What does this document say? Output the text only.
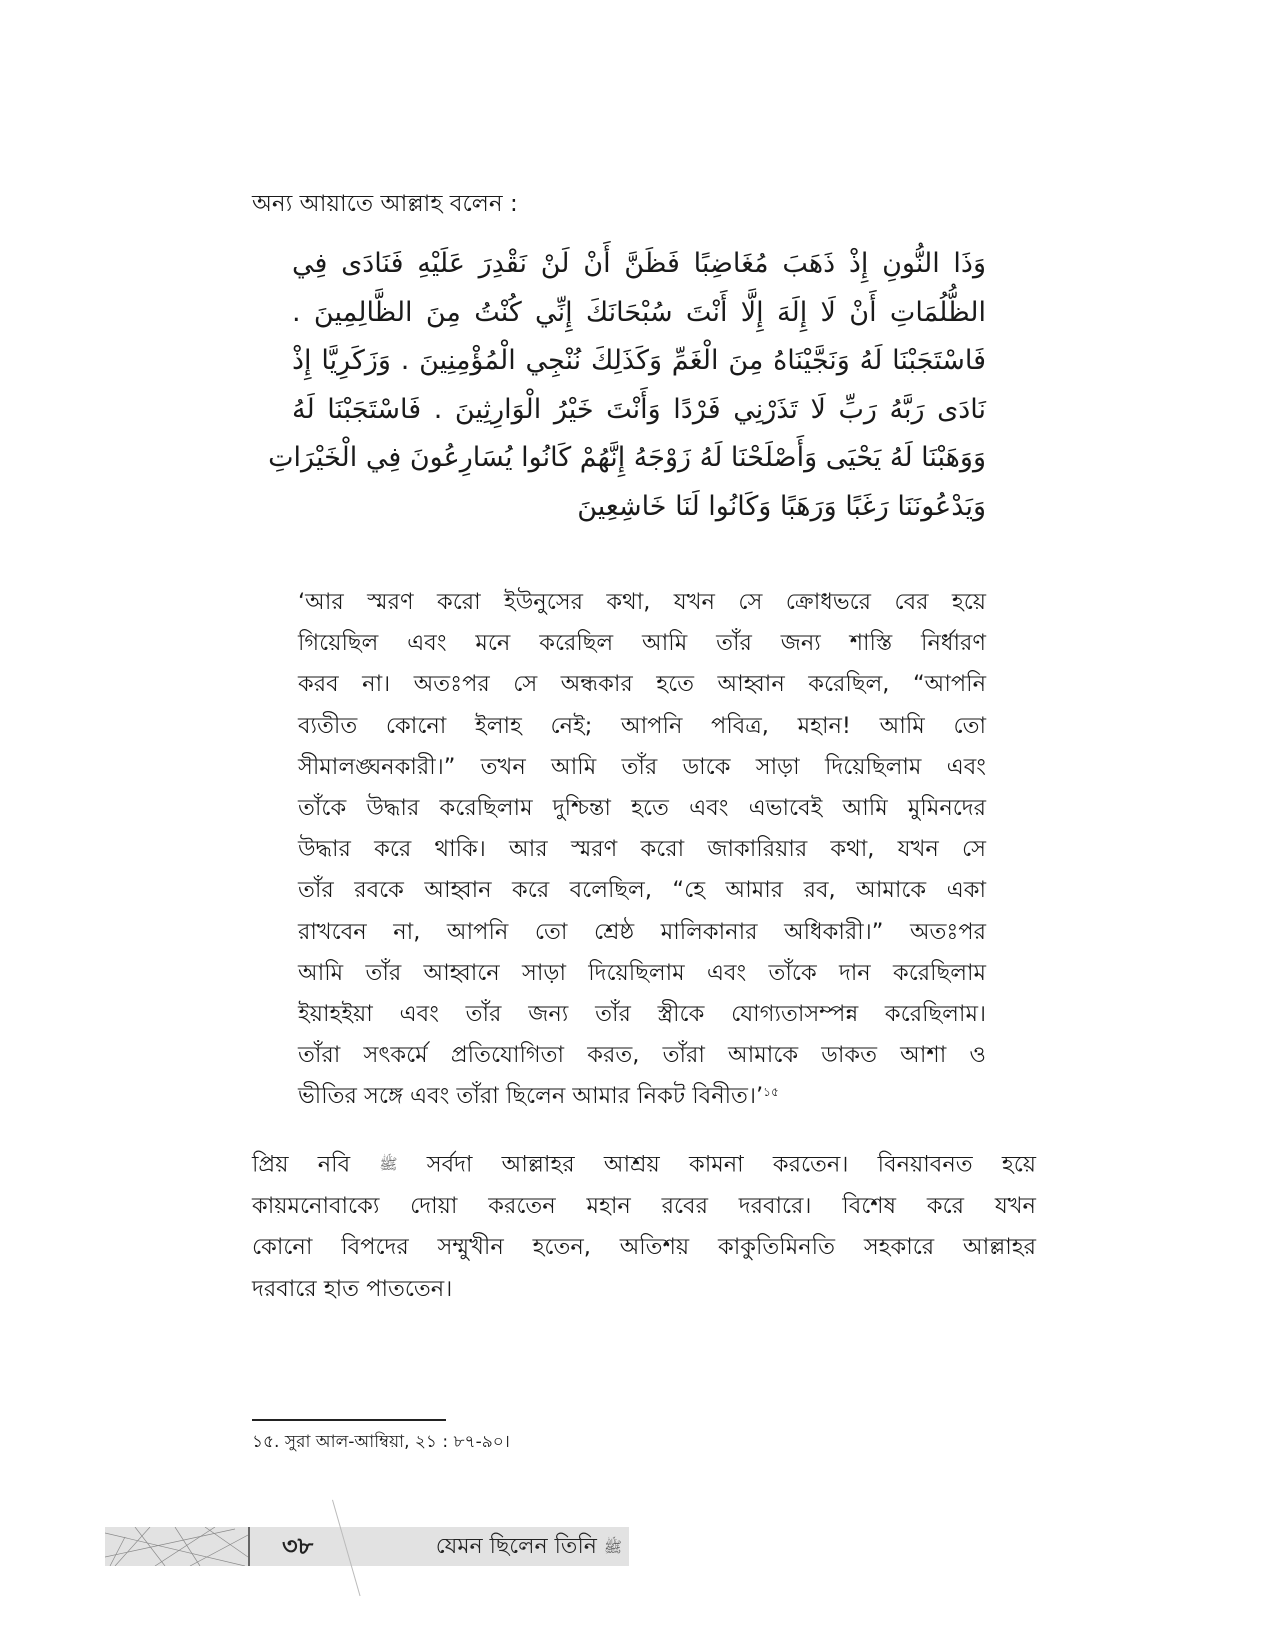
অন্য আয়াতে আল্লাহ বলেন :
وَذَا النُّونِ إِذْ ذَهَبَ مُغَاضِبًا فَظَنَّ أَنْ لَنْ نَقْدِرَ عَلَيْهِ فَنَادَى فِي
الظُّلُمَاتِ أَنْ لَا إِلَهَ إِلَّا أَنْتَ سُبْحَانَكَ إِنِّي كُنْتُ مِنَ الظَّالِمِينَ .
فَاسْتَجَبْنَا لَهُ وَنَجَّيْنَاهُ مِنَ الْغَمِّ وَكَذَلِكَ نُنْجِي الْمُؤْمِنِينَ . وَزَكَرِيَّا إِذْ
نَادَى رَبَّهُ رَبِّ لَا تَذَرْنِي فَرْدًا وَأَنْتَ خَيْرُ الْوَارِثِينَ . فَاسْتَجَبْنَا لَهُ
وَوَهَبْنَا لَهُ يَحْيَى وَأَصْلَحْنَا لَهُ زَوْجَهُ إِنَّهُمْ كَانُوا يُسَارِعُونَ فِي الْخَيْرَاتِ
وَيَدْعُونَنَا رَغَبًا وَرَهَبًا وَكَانُوا لَنَا خَاشِعِينَ
‘আর স্মরণ করো ইউনুসের কথা, যখন সে ক্রোধভরে বের হয়ে
গিয়েছিল এবং মনে করেছিল আমি তাঁর জন্য শাস্তি নির্ধারণ
করব না। অতঃপর সে অন্ধকার হতে আহ্বান করেছিল, “আপনি
ব্যতীত কোনো ইলাহ নেই; আপনি পবিত্র, মহান! আমি তো
সীমালঙ্ঘনকারী।” তখন আমি তাঁর ডাকে সাড়া দিয়েছিলাম এবং
তাঁকে উদ্ধার করেছিলাম দুশ্চিন্তা হতে এবং এভাবেই আমি মুমিনদের
উদ্ধার করে থাকি। আর স্মরণ করো জাকারিয়ার কথা, যখন সে
তাঁর রবকে আহ্বান করে বলেছিল, “হে আমার রব, আমাকে একা
রাখবেন না, আপনি তো শ্রেষ্ঠ মালিকানার অধিকারী।” অতঃপর
আমি তাঁর আহ্বানে সাড়া দিয়েছিলাম এবং তাঁকে দান করেছিলাম
ইয়াহইয়া এবং তাঁর জন্য তাঁর স্ত্রীকে যোগ্যতাসম্পন্ন করেছিলাম।
তাঁরা সৎকর্মে প্রতিযোগিতা করত, তাঁরা আমাকে ডাকত আশা ও
ভীতির সঙ্গে এবং তাঁরা ছিলেন আমার নিকট বিনীত।’$^{১৫}$
প্রিয় নবি ﷺ সর্বদা আল্লাহর আশ্রয় কামনা করতেন। বিনয়াবনত হয়ে
কায়মনোবাক্যে দোয়া করতেন মহান রবের দরবারে। বিশেষ করে যখন
কোনো বিপদের সম্মুখীন হতেন, অতিশয় কাকুতিমিনতি সহকারে আল্লাহর
দরবারে হাত পাততেন।
১৫. সুরা আল-আম্বিয়া, ২১ : ৮৭-৯০।
৩৮	যেমন ছিলেন তিনি ﷺ
